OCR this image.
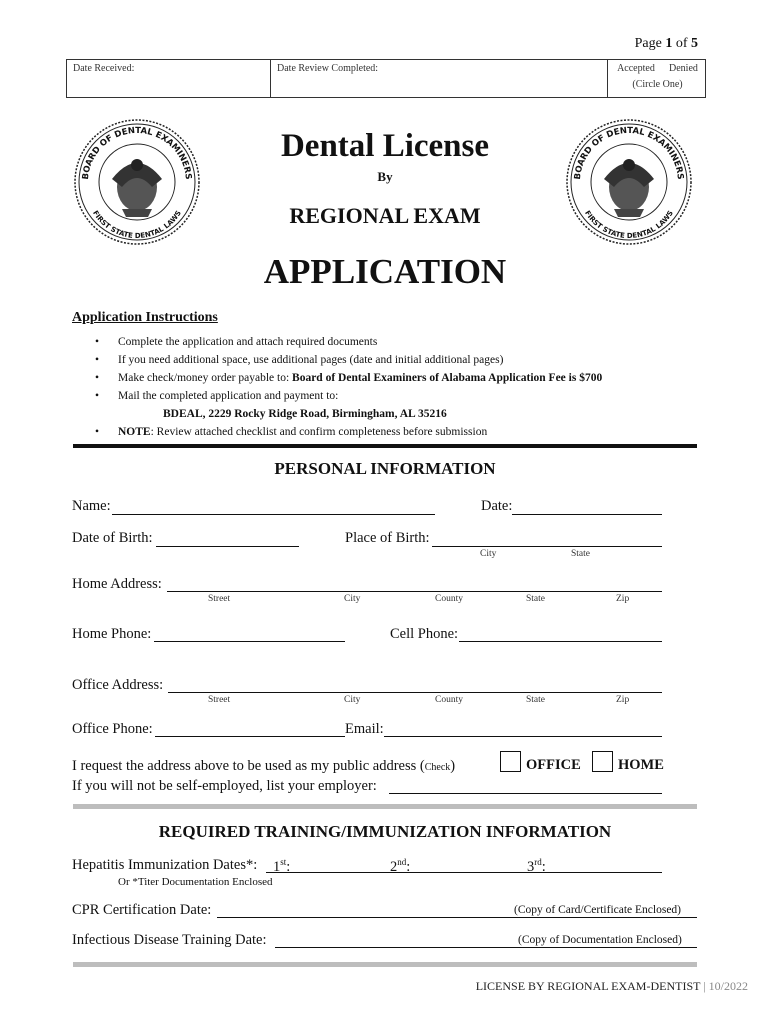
Page 1 of 5
Date Received:	Date Review Completed:	Accepted Denied
(Circle One)
BOARD OF DENTAL EXAMINERS
FIRST STATE DENTAL LAWS
BOARD OF DENTAL EXAMINERS
FIRST STATE DENTAL LAWS
Dental License
By
REGIONAL EXAM
APPLICATION
Application Instructions
• Complete the application and attach required documents
• If you need additional space, use additional pages (date and initial additional pages)
• Make check/money order payable to: Board of Dental Examiners of Alabama Application Fee is $700
• Mail the completed application and payment to:
BDEAL, 2229 Rocky Ridge Road, Birmingham, AL 35216
• NOTE: Review attached checklist and confirm completeness before submission
PERSONAL INFORMATION
Name:	Date:
Date of Birth:	Place of Birth:
City	State
Home Address:
Street	City	County	State	Zip
Home Phone:	Cell Phone:
Office Address:
Street	City	County	State	Zip
Office Phone:	Email:
I request the address above to be used as my public address (Check)	OFFICE	HOME
If you will not be self-employed, list your employer:
REQUIRED TRAINING/IMMUNIZATION INFORMATION
Hepatitis Immunization Dates*: 1st:	2nd:	3rd:
Or *Titer Documentation Enclosed
CPR Certification Date:	(Copy of Card/Certificate Enclosed)
Infectious Disease Training Date:	(Copy of Documentation Enclosed)
LICENSE BY REGIONAL EXAM-DENTIST | 10/2022
